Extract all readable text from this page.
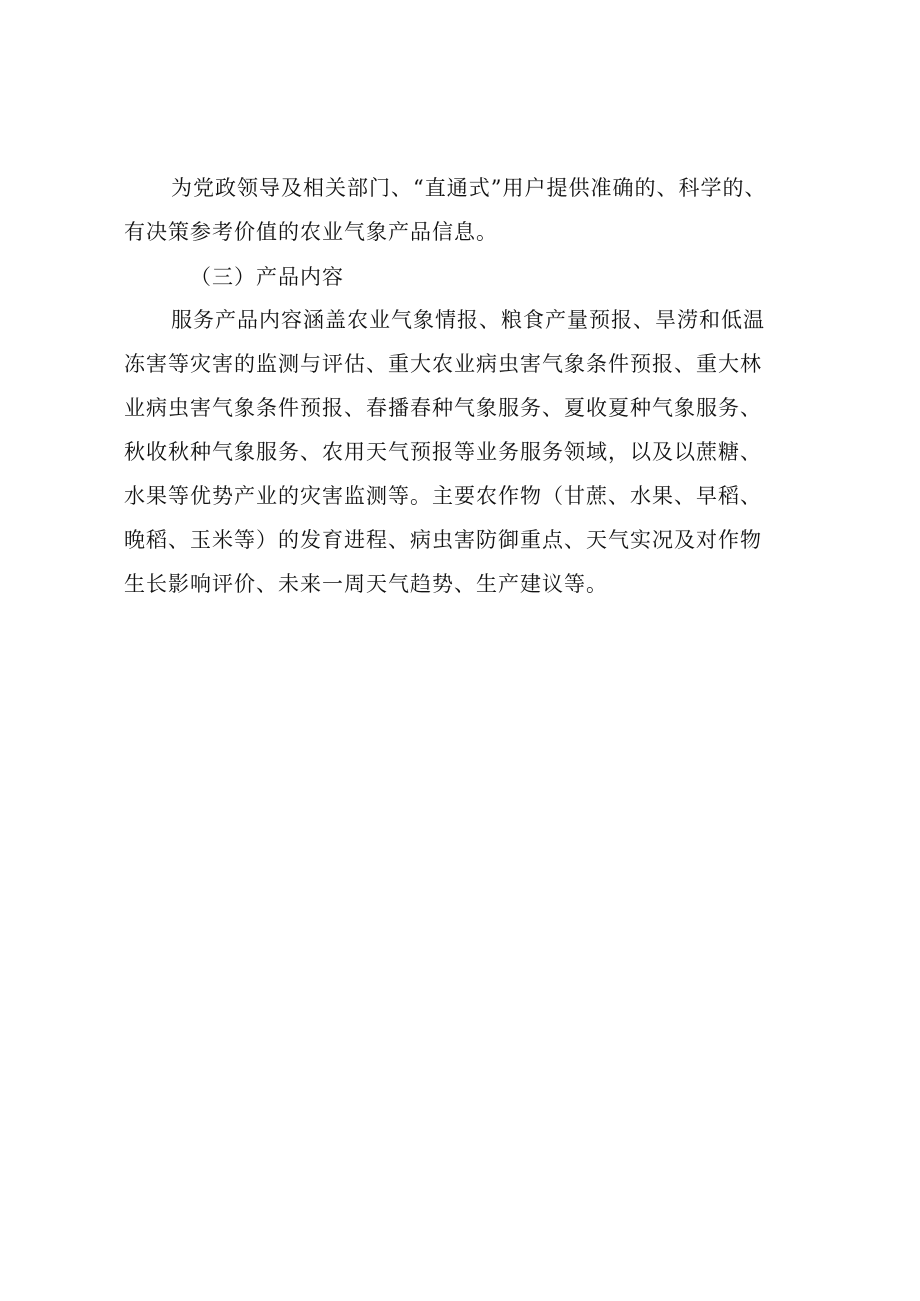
为党政领导及相关部门、“直通式”用户提供准确的、科学的、
有决策参考价值的农业气象产品信息。
（三）产品内容
服务产品内容涵盖农业气象情报、粮食产量预报、旱涝和低温
冻害等灾害的监测与评估、重大农业病虫害气象条件预报、重大林
业病虫害气象条件预报、春播春种气象服务、夏收夏种气象服务、
秋收秋种气象服务、农用天气预报等业务服务领域，以及以蔗糖、
水果等优势产业的灾害监测等。主要农作物（甘蔗、水果、早稻、
晚稻、玉米等）的发育进程、病虫害防御重点、天气实况及对作物
生长影响评价、未来一周天气趋势、生产建议等。
